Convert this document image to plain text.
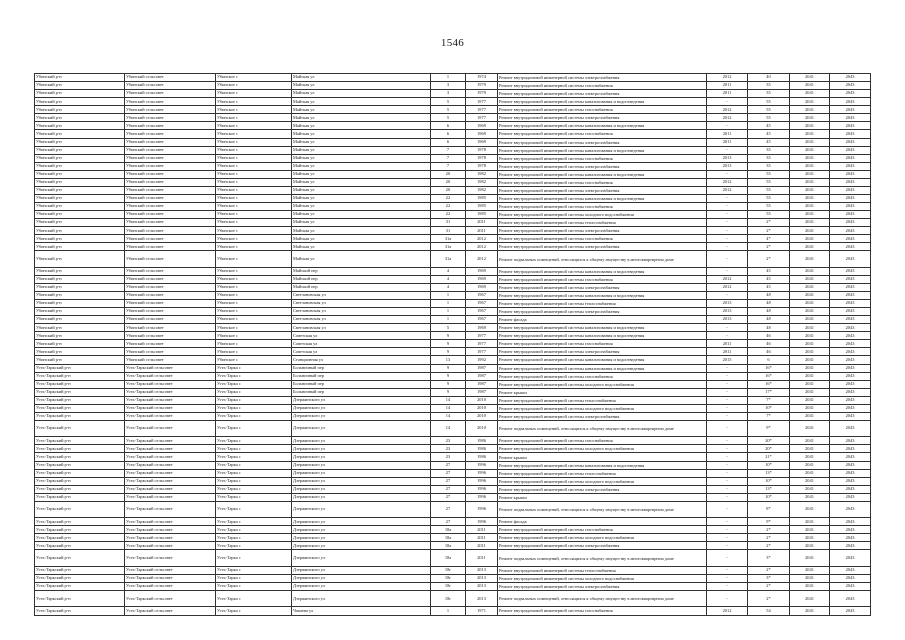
1546
Убинский р-н	Убинский сельсовет	Убинское с	Майская ул	1	1974	Ремонт внутридомовой инженерной системы электроснабжения	2012	40	2041	2043
Убинский р-н	Убинский сельсовет	Убинское с	Майская ул	3	1979	Ремонт внутридомовой инженерной системы газоснабжения	2011	35	2041	2043
Убинский р-н	Убинский сельсовет	Убинское с	Майская ул	3	1979	Ремонт внутридомовой инженерной системы электроснабжения	2011	35	2041	2043
Убинский р-н	Убинский сельсовет	Убинское с	Майская ул	5	1977	Ремонт внутридомовой инженерной системы канализования и водоотведения	-	55	2041	2043
Убинский р-н	Убинский сельсовет	Убинское с	Майская ул	5	1977	Ремонт внутридомовой инженерной системы газоснабжения	2012	55	2041	2043
Убинский р-н	Убинский сельсовет	Убинское с	Майская ул	5	1977	Ремонт внутридомовой инженерной системы электроснабжения	2012	55	2041	2043
Убинский р-н	Убинский сельсовет	Убинское с	Майская ул	6	1969	Ремонт внутридомовой инженерной системы канализования и водоотведения	-	45	2041	2043
Убинский р-н	Убинский сельсовет	Убинское с	Майская ул	6	1969	Ремонт внутридомовой инженерной системы газоснабжения	2011	45	2041	2043
Убинский р-н	Убинский сельсовет	Убинское с	Майская ул	6	1969	Ремонт внутридомовой инженерной системы электроснабжения	2011	45	2041	2043
Убинский р-н	Убинский сельсовет	Убинское с	Майская ул	7	1978	Ремонт внутридомовой инженерной системы канализования и водоотведения	-	35	2041	2043
Убинский р-н	Убинский сельсовет	Убинское с	Майская ул	7	1978	Ремонт внутридомовой инженерной системы газоснабжения	2013	35	2041	2043
Убинский р-н	Убинский сельсовет	Убинское с	Майская ул	7	1978	Ремонт внутридомовой инженерной системы электроснабжения	2013	35	2041	2043
Убинский р-н	Убинский сельсовет	Убинское с	Майская ул	20	1982	Ремонт внутридомовой инженерной системы канализования и водоотведения	-	55	2041	2043
Убинский р-н	Убинский сельсовет	Убинское с	Майская ул	20	1982	Ремонт внутридомовой инженерной системы газоснабжения	2012	55	2041	2043
Убинский р-н	Убинский сельсовет	Убинское с	Майская ул	20	1982	Ремонт внутридомовой инженерной системы электроснабжения	2012	55	2041	2043
Убинский р-н	Убинский сельсовет	Убинское с	Майская ул	22	1985	Ремонт внутридомовой инженерной системы канализования и водоотведения	-	55	2041	2043
Убинский р-н	Убинский сельсовет	Убинское с	Майская ул	22	1985	Ремонт внутридомовой инженерной системы газоснабжения	-	55	2041	2043
Убинский р-н	Убинский сельсовет	Убинское с	Майская ул	22	1985	Ремонт внутридомовой инженерной системы холодного водоснабжения	-	55	2041	2043
Убинский р-н	Убинский сельсовет	Убинское с	Майская ул	31	2011	Ремонт внутридомовой инженерной системы теплоснабжения	-	2*	2041	2043
Убинский р-н	Убинский сельсовет	Убинское с	Майская ул	31	2011	Ремонт внутридомовой инженерной системы электроснабжения	-	2*	2041	2043
Убинский р-н	Убинский сельсовет	Убинское с	Майская ул	31а	2012	Ремонт внутридомовой инженерной системы газоснабжения	-	4*	2041	2043
Убинский р-н	Убинский сельсовет	Убинское с	Майская ул	31а	2012	Ремонт внутридомовой инженерной системы электроснабжения	-	2*	2041	2043
Убинский р-н	Убинский сельсовет	Убинское с	Майская ул	31а	2012	Ремонт подвальных помещений, относящихся к общему имуществу в многоквартирном доме	-	2*	2041	2043
Убинский р-н	Убинский сельсовет	Убинское с	Майский пер	4	1969	Ремонт внутридомовой инженерной системы канализования и водоотведения	-	45	2041	2043
Убинский р-н	Убинский сельсовет	Убинское с	Майский пер	4	1969	Ремонт внутридомовой инженерной системы газоснабжения	2012	45	2041	2043
Убинский р-н	Убинский сельсовет	Убинское с	Майский пер	4	1969	Ремонт внутридомовой инженерной системы электроснабжения	2012	45	2041	2043
Убинский р-н	Убинский сельсовет	Убинское с	Светлановская ул	1	1967	Ремонт внутридомовой инженерной системы канализования и водоотведения	-	48	2041	2043
Убинский р-н	Убинский сельсовет	Убинское с	Светлановская ул	1	1967	Ремонт внутридомовой инженерной системы теплоснабжения	2013	48	2041	2043
Убинский р-н	Убинский сельсовет	Убинское с	Светлановская ул	1	1967	Ремонт внутридомовой инженерной системы электроснабжения	2013	48	2041	2043
Убинский р-н	Убинский сельсовет	Убинское с	Светлановская ул	1	1967	Ремонт фасада	2013	48	2041	2043
Убинский р-н	Убинский сельсовет	Убинское с	Светлановская ул	5	1969	Ремонт внутридомовой инженерной системы канализования и водоотведения	-	48	2041	2043
Убинский р-н	Убинский сельсовет	Убинское с	Советская ул	9	1977	Ремонт внутридомовой инженерной системы канализования и водоотведения	-	46	2041	2043
Убинский р-н	Убинский сельсовет	Убинское с	Советская ул	9	1977	Ремонт внутридомовой инженерной системы газоснабжения	2011	46	2041	2043
Убинский р-н	Убинский сельсовет	Убинское с	Советская ул	9	1977	Ремонт внутридомовой инженерной системы электроснабжения	2011	46	2041	2043
Убинский р-н	Убинский сельсовет	Убинское с	Станционная ул	13	1992	Ремонт внутридомовой инженерной системы канализования и водоотведения	2015	6	2041	2043
Усть-Таркский р-н	Усть-Таркский сельсовет	Усть-Тарка с	Больничный пер	9	1987	Ремонт внутридомовой инженерной системы канализования и водоотведения	-	16*	2041	2043
Усть-Таркский р-н	Усть-Таркский сельсовет	Усть-Тарка с	Больничный пер	9	1987	Ремонт внутридомовой инженерной системы газоснабжения	-	16*	2041	2043
Усть-Таркский р-н	Усть-Таркский сельсовет	Усть-Тарка с	Больничный пер	9	1987	Ремонт внутридомовой инженерной системы холодного водоснабжения	-	16*	2041	2043
Усть-Таркский р-н	Усть-Таркский сельсовет	Усть-Тарка с	Больничный пер	9	1987	Ремонт крыши	-	17*	2041	2043
Усть-Таркский р-н	Усть-Таркский сельсовет	Усть-Тарка с	Дзержинского ул	14	2010	Ремонт внутридомовой инженерной системы теплоснабжения	-	7*	2041	2043
Усть-Таркский р-н	Усть-Таркский сельсовет	Усть-Тарка с	Дзержинского ул	14	2010	Ремонт внутридомовой инженерной системы холодного водоснабжения	-	10*	2041	2043
Усть-Таркский р-н	Усть-Таркский сельсовет	Усть-Тарка с	Дзержинского ул	14	2010	Ремонт внутридомовой инженерной системы электроснабжения	-	7*	2041	2043
Усть-Таркский р-н	Усть-Таркский сельсовет	Усть-Тарка с	Дзержинского ул	14	2010	Ремонт подвальных помещений, относящихся к общему имуществу в многоквартирном доме	-	9*	2041	2043
Усть-Таркский р-н	Усть-Таркский сельсовет	Усть-Тарка с	Дзержинского ул	23	1986	Ремонт внутридомовой инженерной системы газоснабжения	-	20*	2041	2043
Усть-Таркский р-н	Усть-Таркский сельсовет	Усть-Тарка с	Дзержинского ул	23	1986	Ремонт внутридомовой инженерной системы холодного водоснабжения	-	20*	2041	2043
Усть-Таркский р-н	Усть-Таркский сельсовет	Усть-Тарка с	Дзержинского ул	23	1986	Ремонт крыши	-	21*	2041	2043
Усть-Таркский р-н	Усть-Таркский сельсовет	Усть-Тарка с	Дзержинского ул	27	1996	Ремонт внутридомовой инженерной системы канализования и водоотведения	-	10*	2041	2043
Усть-Таркский р-н	Усть-Таркский сельсовет	Усть-Тарка с	Дзержинского ул	27	1996	Ремонт внутридомовой инженерной системы теплоснабжения	-	13*	2041	2043
Усть-Таркский р-н	Усть-Таркский сельсовет	Усть-Тарка с	Дзержинского ул	27	1996	Ремонт внутридомовой инженерной системы холодного водоснабжения	-	10*	2041	2043
Усть-Таркский р-н	Усть-Таркский сельсовет	Усть-Тарка с	Дзержинского ул	27	1996	Ремонт внутридомовой инженерной системы электроснабжения	-	13*	2041	2043
Усть-Таркский р-н	Усть-Таркский сельсовет	Усть-Тарка с	Дзержинского ул	27	1996	Ремонт крыши	-	10*	2041	2043
Усть-Таркский р-н	Усть-Таркский сельсовет	Усть-Тарка с	Дзержинского ул	27	1996	Ремонт подвальных помещений, относящихся к общему имуществу в многоквартирном доме	-	8*	2041	2043
Усть-Таркский р-н	Усть-Таркский сельсовет	Усть-Тарка с	Дзержинского ул	27	1996	Ремонт фасада	-	9*	2041	2043
Усть-Таркский р-н	Усть-Таркский сельсовет	Усть-Тарка с	Дзержинского ул	18а	2011	Ремонт внутридомовой инженерной системы газоснабжения	-	2*	2041	2043
Усть-Таркский р-н	Усть-Таркский сельсовет	Усть-Тарка с	Дзержинского ул	18а	2011	Ремонт внутридомовой инженерной системы холодного водоснабжения	-	2*	2041	2043
Усть-Таркский р-н	Усть-Таркский сельсовет	Усть-Тарка с	Дзержинского ул	18а	2011	Ремонт внутридомовой инженерной системы электроснабжения	-	2*	2041	2043
Усть-Таркский р-н	Усть-Таркский сельсовет	Усть-Тарка с	Дзержинского ул	18а	2011	Ремонт подвальных помещений, относящихся к общему имуществу в многоквартирном доме	-	3*	2041	2043
Усть-Таркский р-н	Усть-Таркский сельсовет	Усть-Тарка с	Дзержинского ул	18г	2013	Ремонт внутридомовой инженерной системы теплоснабжения	-	2*	2041	2043
Усть-Таркский р-н	Усть-Таркский сельсовет	Усть-Тарка с	Дзержинского ул	18г	2013	Ремонт внутридомовой инженерной системы холодного водоснабжения	-	3*	2041	2043
Усть-Таркский р-н	Усть-Таркский сельсовет	Усть-Тарка с	Дзержинского ул	18г	2013	Ремонт внутридомовой инженерной системы электроснабжения	-	2*	2041	2043
Усть-Таркский р-н	Усть-Таркский сельсовет	Усть-Тарка с	Дзержинского ул	18г	2013	Ремонт подвальных помещений, относящихся к общему имуществу в многоквартирном доме	-	2*	2041	2043
Усть-Таркский р-н	Усть-Таркский сельсовет	Усть-Тарка с	Чапаева ул	1	1971	Ремонт внутридомовой инженерной системы газоснабжения	2012	54	2041	2043
